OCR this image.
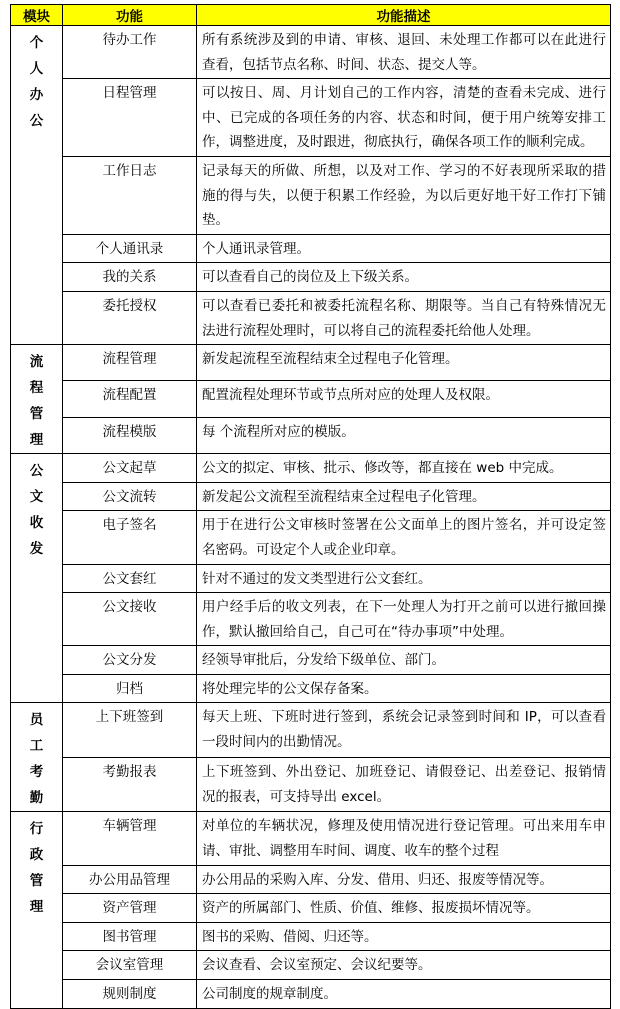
模块	功能	功能描述

个人办公	待办工作	所有系统涉及到的申请、审核、退回、未处理工作都可以在此进行查看，包括节点名称、时间、状态、提交人等。
	日程管理	可以按日、周、月计划自己的工作内容，清楚的查看未完成、进行中、已完成的各项任务的内容、状态和时间，便于用户统筹安排工作，调整进度，及时跟进，彻底执行，确保各项工作的顺利完成。
	工作日志	记录每天的所做、所想，以及对工作、学习的不好表现所采取的措施的得与失，以便于积累工作经验，为以后更好地干好工作打下铺垫。
	个人通讯录	个人通讯录管理。
	我的关系	可以查看自己的岗位及上下级关系。
	委托授权	可以查看已委托和被委托流程名称、期限等。当自己有特殊情况无法进行流程处理时，可以将自己的流程委托给他人处理。

流程管理	流程管理	新发起流程至流程结束全过程电子化管理。
	流程配置	配置流程处理环节或节点所对应的处理人及权限。
	流程模版	每 个流程所对应的模版。

公文收发	公文起草	公文的拟定、审核、批示、修改等，都直接在 web 中完成。
	公文流转	新发起公文流程至流程结束全过程电子化管理。
	电子签名	用于在进行公文审核时签署在公文面单上的图片签名，并可设定签名密码。可设定个人或企业印章。
	公文套红	针对不通过的发文类型进行公文套红。
	公文接收	用户经手后的收文列表，在下一处理人为打开之前可以进行撤回操作，默认撤回给自己，自己可在“待办事项”中处理。
	公文分发	经领导审批后，分发给下级单位、部门。
	归档	将处理完毕的公文保存备案。

员工考勤	上下班签到	每天上班、下班时进行签到，系统会记录签到时间和 IP，可以查看一段时间内的出勤情况。
	考勤报表	上下班签到、外出登记、加班登记、请假登记、出差登记、报销情况的报表，可支持导出 excel。

行政管理	车辆管理	对单位的车辆状况，修理及使用情况进行登记管理。可出来用车申请、审批、调整用车时间、调度、收车的整个过程
	办公用品管理	办公用品的采购入库、分发、借用、归还、报废等情况等。
	资产管理	资产的所属部门、性质、价值、维修、报废损坏情况等。
	图书管理	图书的采购、借阅、归还等。
	会议室管理	会议查看、会议室预定、会议纪要等。
	规则制度	公司制度的规章制度。
